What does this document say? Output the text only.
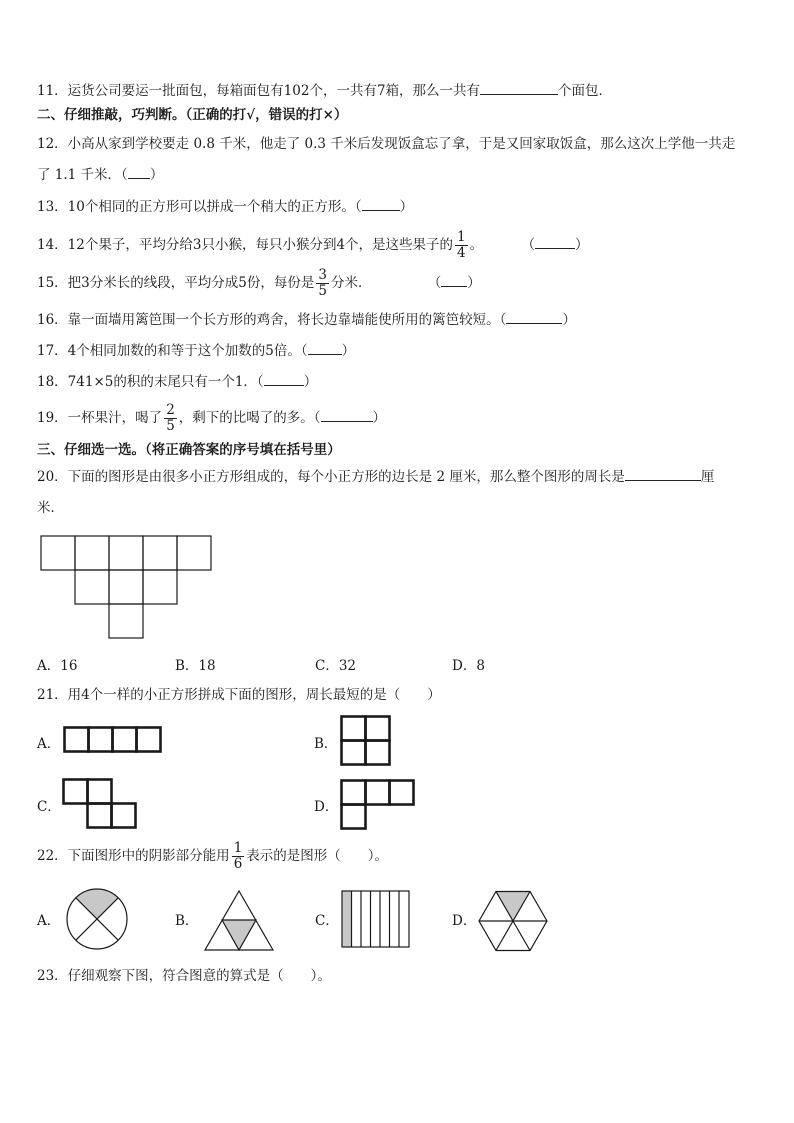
11．运货公司要运一批面包，每箱面包有102个，一共有7箱，那么一共有	个面包．
二、仔细推敲，巧判断。（正确的打√，错误的打×）
12．小高从家到学校要走 0.8 千米，他走了 0.3 千米后发现饭盒忘了拿，于是又回家取饭盒，那么这次上学他一共走
了 1.1 千米．（ ）
13．10个相同的正方形可以拼成一个稍大的正方形。（	）
14．12个果子，平均分给3只小猴，每只小猴分到4个，是这些果子的 $\frac{1}{4}$ 。	（	）
15．把3分米长的线段，平均分成5份，每份是 $\frac{3}{5}$ 分米．	（ ）
16．靠一面墙用篱笆围一个长方形的鸡舍，将长边靠墙能使所用的篱笆较短。（	）
17．4个相同加数的和等于这个加数的5倍。（	）
18．741×5的积的末尾只有一个1．（	）
19．一杯果汁，喝了 $\frac{2}{5}$ ，剩下的比喝了的多。（	）
三、仔细选一选。（将正确答案的序号填在括号里）
20．下面的图形是由很多小正方形组成的，每个小正方形的边长是 2 厘米，那么整个图形的周长是	厘
米．
A．16	B．18	C．32	D．8
21．用4个一样的小正方形拼成下面的图形，周长最短的是（　　）
A．	B．
C．	D．
22．下面图形中的阴影部分能用 $\frac{1}{6}$ 表示的是图形（　　）。
A．	B．	C．	D．
23．仔细观察下图，符合图意的算式是（　　）。
